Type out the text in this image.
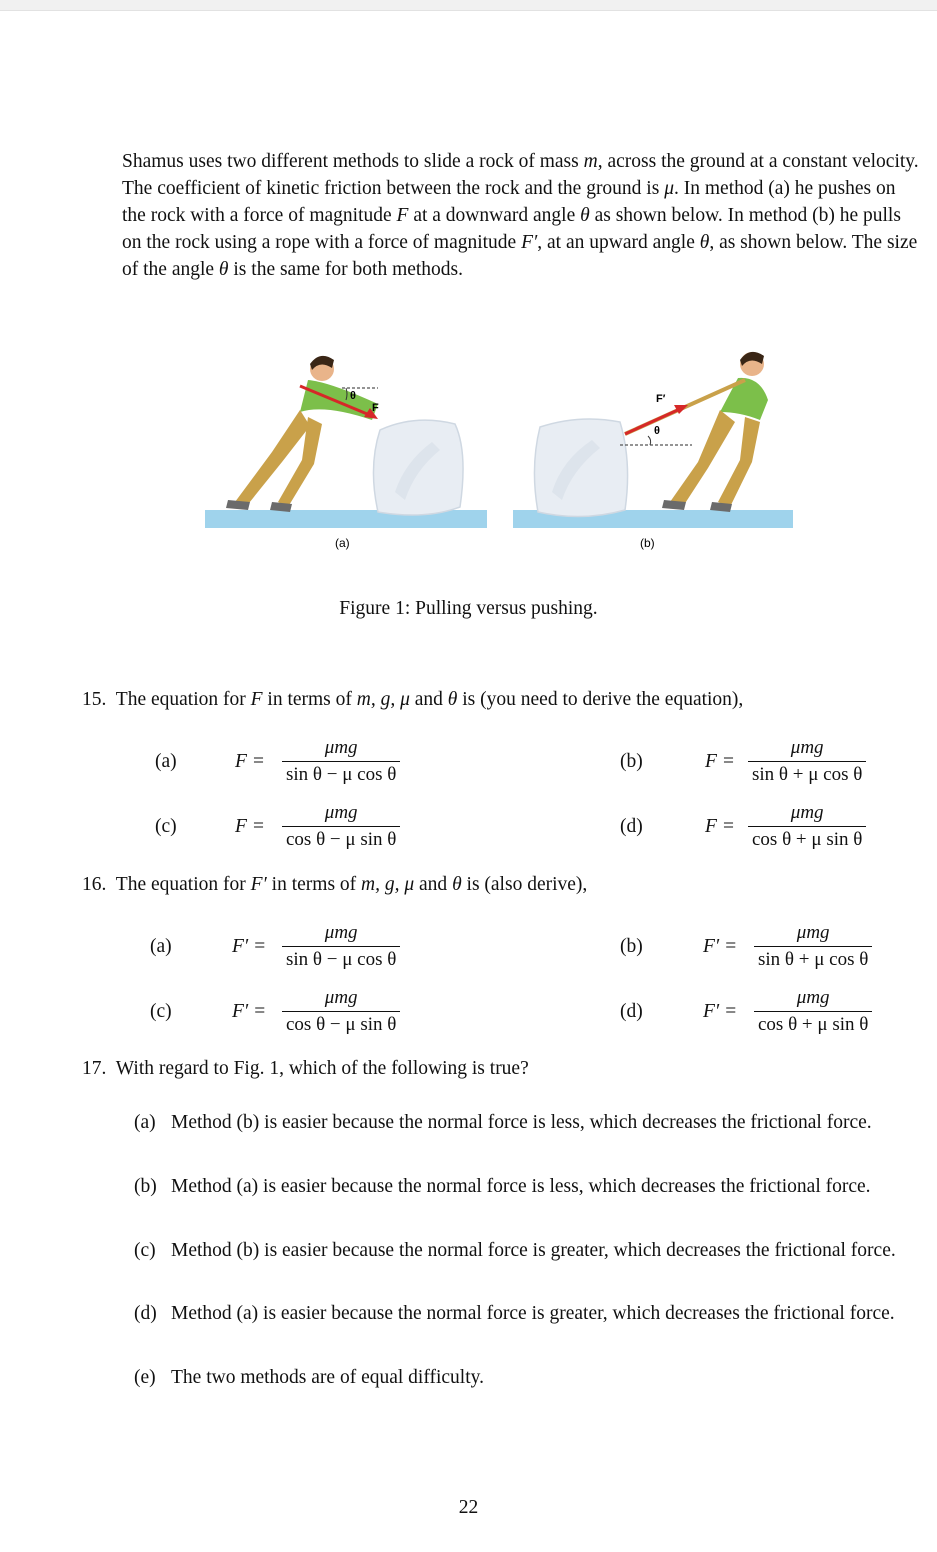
Shamus uses two different methods to slide a rock of mass m, across the ground at a constant velocity. The coefficient of kinetic friction between the rock and the ground is μ. In method (a) he pushes on the rock with a force of magnitude F at a downward angle θ as shown below. In method (b) he pulls on the rock using a rope with a force of magnitude F′, at an upward angle θ, as shown below. The size of the angle θ is the same for both methods.
θ
F
(a)
θ
F′
(b)
Figure 1: Pulling versus pushing.
15. The equation for F in terms of m, g, μ and θ is (you need to derive the equation),
(a)	F =
μmg
sin θ − μ cos θ
(b)	F =
μmg
sin θ + μ cos θ
(c)	F =
μmg
cos θ − μ sin θ
(d)	F =
μmg
cos θ + μ sin θ
16. The equation for F′ in terms of m, g, μ and θ is (also derive),
(a)	F′ =
μmg
sin θ − μ cos θ
(b)	F′ =
μmg
sin θ + μ cos θ
(c)	F′ =
μmg
cos θ − μ sin θ
(d)	F′ =
μmg
cos θ + μ sin θ
17. With regard to Fig. 1, which of the following is true?
(a) Method (b) is easier because the normal force is less, which decreases the frictional force.
(b) Method (a) is easier because the normal force is less, which decreases the frictional force.
(c) Method (b) is easier because the normal force is greater, which decreases the frictional force.
(d) Method (a) is easier because the normal force is greater, which decreases the frictional force.
(e) The two methods are of equal difficulty.
22
